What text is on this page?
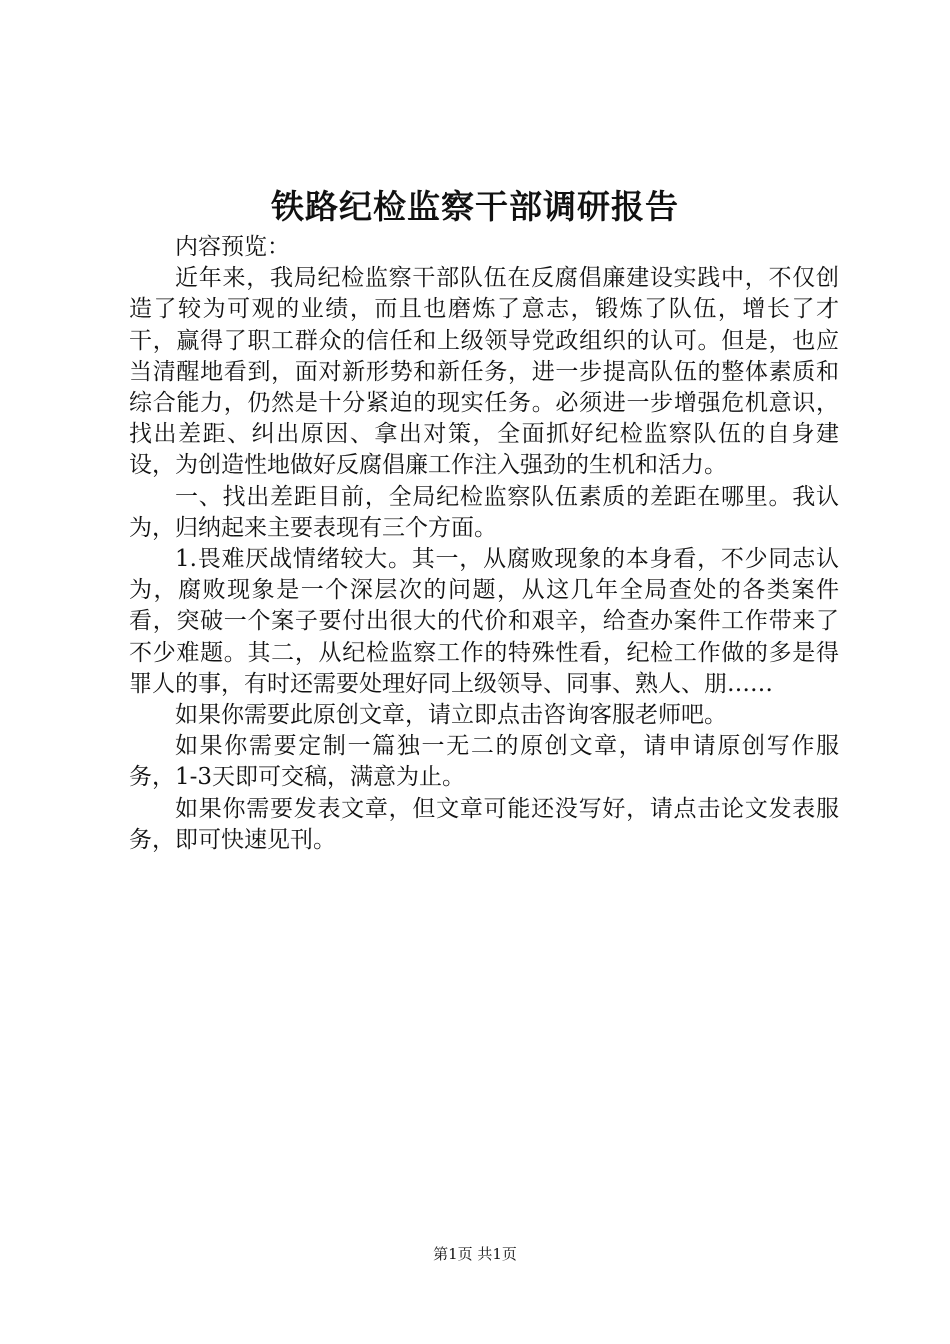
铁路纪检监察干部调研报告

内容预览：

近年来，我局纪检监察干部队伍在反腐倡廉建设实践中，不仅创造了较为可观的业绩，而且也磨炼了意志，锻炼了队伍，增长了才干，赢得了职工群众的信任和上级领导党政组织的认可。但是，也应当清醒地看到，面对新形势和新任务，进一步提高队伍的整体素质和综合能力，仍然是十分紧迫的现实任务。必须进一步增强危机意识，找出差距、纠出原因、拿出对策，全面抓好纪检监察队伍的自身建设，为创造性地做好反腐倡廉工作注入强劲的生机和活力。

一、找出差距目前，全局纪检监察队伍素质的差距在哪里。我认为，归纳起来主要表现有三个方面。

1.畏难厌战情绪较大。其一，从腐败现象的本身看，不少同志认为，腐败现象是一个深层次的问题，从这几年全局查处的各类案件看，突破一个案子要付出很大的代价和艰辛，给查办案件工作带来了不少难题。其二，从纪检监察工作的特殊性看，纪检工作做的多是得罪人的事，有时还需要处理好同上级领导、同事、熟人、朋……

如果你需要此原创文章，请立即点击咨询客服老师吧。

如果你需要定制一篇独一无二的原创文章，请申请原创写作服务，1-3天即可交稿，满意为止。

如果你需要发表文章，但文章可能还没写好，请点击论文发表服务，即可快速见刊。

第1页 共1页
